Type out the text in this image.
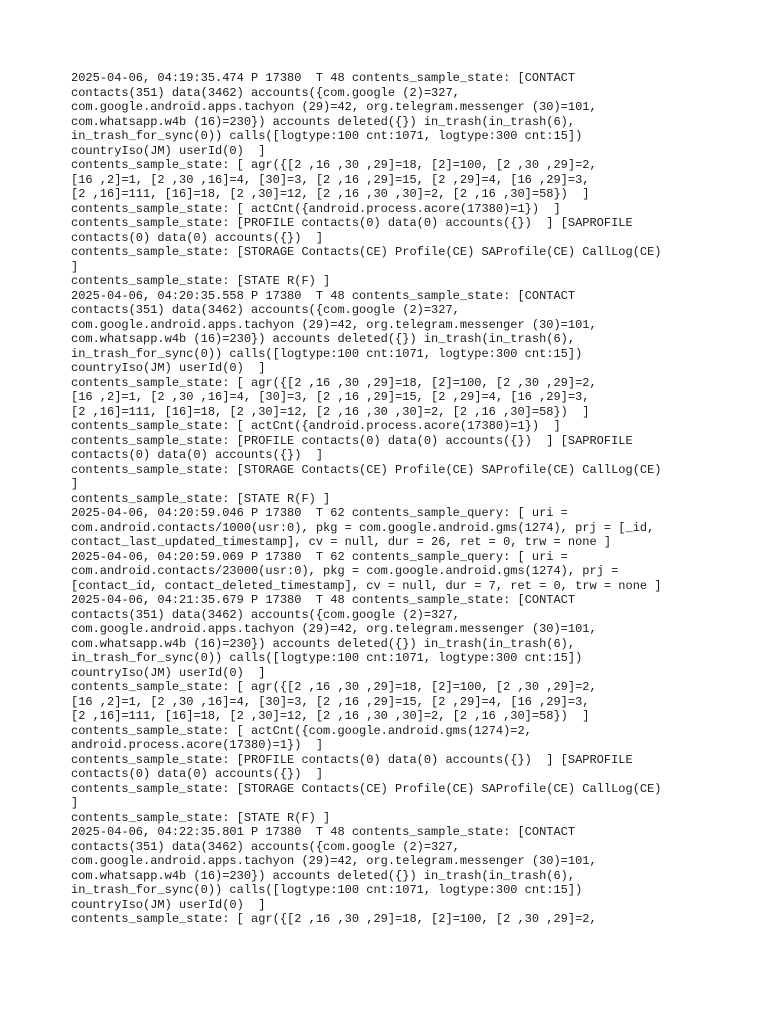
2025-04-06, 04:19:35.474 P 17380  T 48 contents_sample_state: [CONTACT
contacts(351) data(3462) accounts({com.google (2)=327,
com.google.android.apps.tachyon (29)=42, org.telegram.messenger (30)=101,
com.whatsapp.w4b (16)=230}) accounts deleted({}) in_trash(in_trash(6),
in_trash_for_sync(0)) calls([logtype:100 cnt:1071, logtype:300 cnt:15])
countryIso(JM) userId(0)  ]
contents_sample_state: [ agr({[2 ,16 ,30 ,29]=18, [2]=100, [2 ,30 ,29]=2,
[16 ,2]=1, [2 ,30 ,16]=4, [30]=3, [2 ,16 ,29]=15, [2 ,29]=4, [16 ,29]=3,
[2 ,16]=111, [16]=18, [2 ,30]=12, [2 ,16 ,30 ,30]=2, [2 ,16 ,30]=58})  ]
contents_sample_state: [ actCnt({android.process.acore(17380)=1})  ]
contents_sample_state: [PROFILE contacts(0) data(0) accounts({})  ] [SAPROFILE
contacts(0) data(0) accounts({})  ]
contents_sample_state: [STORAGE Contacts(CE) Profile(CE) SAProfile(CE) CallLog(CE)
]
contents_sample_state: [STATE R(F) ]
2025-04-06, 04:20:35.558 P 17380  T 48 contents_sample_state: [CONTACT
contacts(351) data(3462) accounts({com.google (2)=327,
com.google.android.apps.tachyon (29)=42, org.telegram.messenger (30)=101,
com.whatsapp.w4b (16)=230}) accounts deleted({}) in_trash(in_trash(6),
in_trash_for_sync(0)) calls([logtype:100 cnt:1071, logtype:300 cnt:15])
countryIso(JM) userId(0)  ]
contents_sample_state: [ agr({[2 ,16 ,30 ,29]=18, [2]=100, [2 ,30 ,29]=2,
[16 ,2]=1, [2 ,30 ,16]=4, [30]=3, [2 ,16 ,29]=15, [2 ,29]=4, [16 ,29]=3,
[2 ,16]=111, [16]=18, [2 ,30]=12, [2 ,16 ,30 ,30]=2, [2 ,16 ,30]=58})  ]
contents_sample_state: [ actCnt({android.process.acore(17380)=1})  ]
contents_sample_state: [PROFILE contacts(0) data(0) accounts({})  ] [SAPROFILE
contacts(0) data(0) accounts({})  ]
contents_sample_state: [STORAGE Contacts(CE) Profile(CE) SAProfile(CE) CallLog(CE)
]
contents_sample_state: [STATE R(F) ]
2025-04-06, 04:20:59.046 P 17380  T 62 contents_sample_query: [ uri =
com.android.contacts/1000(usr:0), pkg = com.google.android.gms(1274), prj = [_id,
contact_last_updated_timestamp], cv = null, dur = 26, ret = 0, trw = none ]
2025-04-06, 04:20:59.069 P 17380  T 62 contents_sample_query: [ uri =
com.android.contacts/23000(usr:0), pkg = com.google.android.gms(1274), prj =
[contact_id, contact_deleted_timestamp], cv = null, dur = 7, ret = 0, trw = none ]
2025-04-06, 04:21:35.679 P 17380  T 48 contents_sample_state: [CONTACT
contacts(351) data(3462) accounts({com.google (2)=327,
com.google.android.apps.tachyon (29)=42, org.telegram.messenger (30)=101,
com.whatsapp.w4b (16)=230}) accounts deleted({}) in_trash(in_trash(6),
in_trash_for_sync(0)) calls([logtype:100 cnt:1071, logtype:300 cnt:15])
countryIso(JM) userId(0)  ]
contents_sample_state: [ agr({[2 ,16 ,30 ,29]=18, [2]=100, [2 ,30 ,29]=2,
[16 ,2]=1, [2 ,30 ,16]=4, [30]=3, [2 ,16 ,29]=15, [2 ,29]=4, [16 ,29]=3,
[2 ,16]=111, [16]=18, [2 ,30]=12, [2 ,16 ,30 ,30]=2, [2 ,16 ,30]=58})  ]
contents_sample_state: [ actCnt({com.google.android.gms(1274)=2,
android.process.acore(17380)=1})  ]
contents_sample_state: [PROFILE contacts(0) data(0) accounts({})  ] [SAPROFILE
contacts(0) data(0) accounts({})  ]
contents_sample_state: [STORAGE Contacts(CE) Profile(CE) SAProfile(CE) CallLog(CE)
]
contents_sample_state: [STATE R(F) ]
2025-04-06, 04:22:35.801 P 17380  T 48 contents_sample_state: [CONTACT
contacts(351) data(3462) accounts({com.google (2)=327,
com.google.android.apps.tachyon (29)=42, org.telegram.messenger (30)=101,
com.whatsapp.w4b (16)=230}) accounts deleted({}) in_trash(in_trash(6),
in_trash_for_sync(0)) calls([logtype:100 cnt:1071, logtype:300 cnt:15])
countryIso(JM) userId(0)  ]
contents_sample_state: [ agr({[2 ,16 ,30 ,29]=18, [2]=100, [2 ,30 ,29]=2,
